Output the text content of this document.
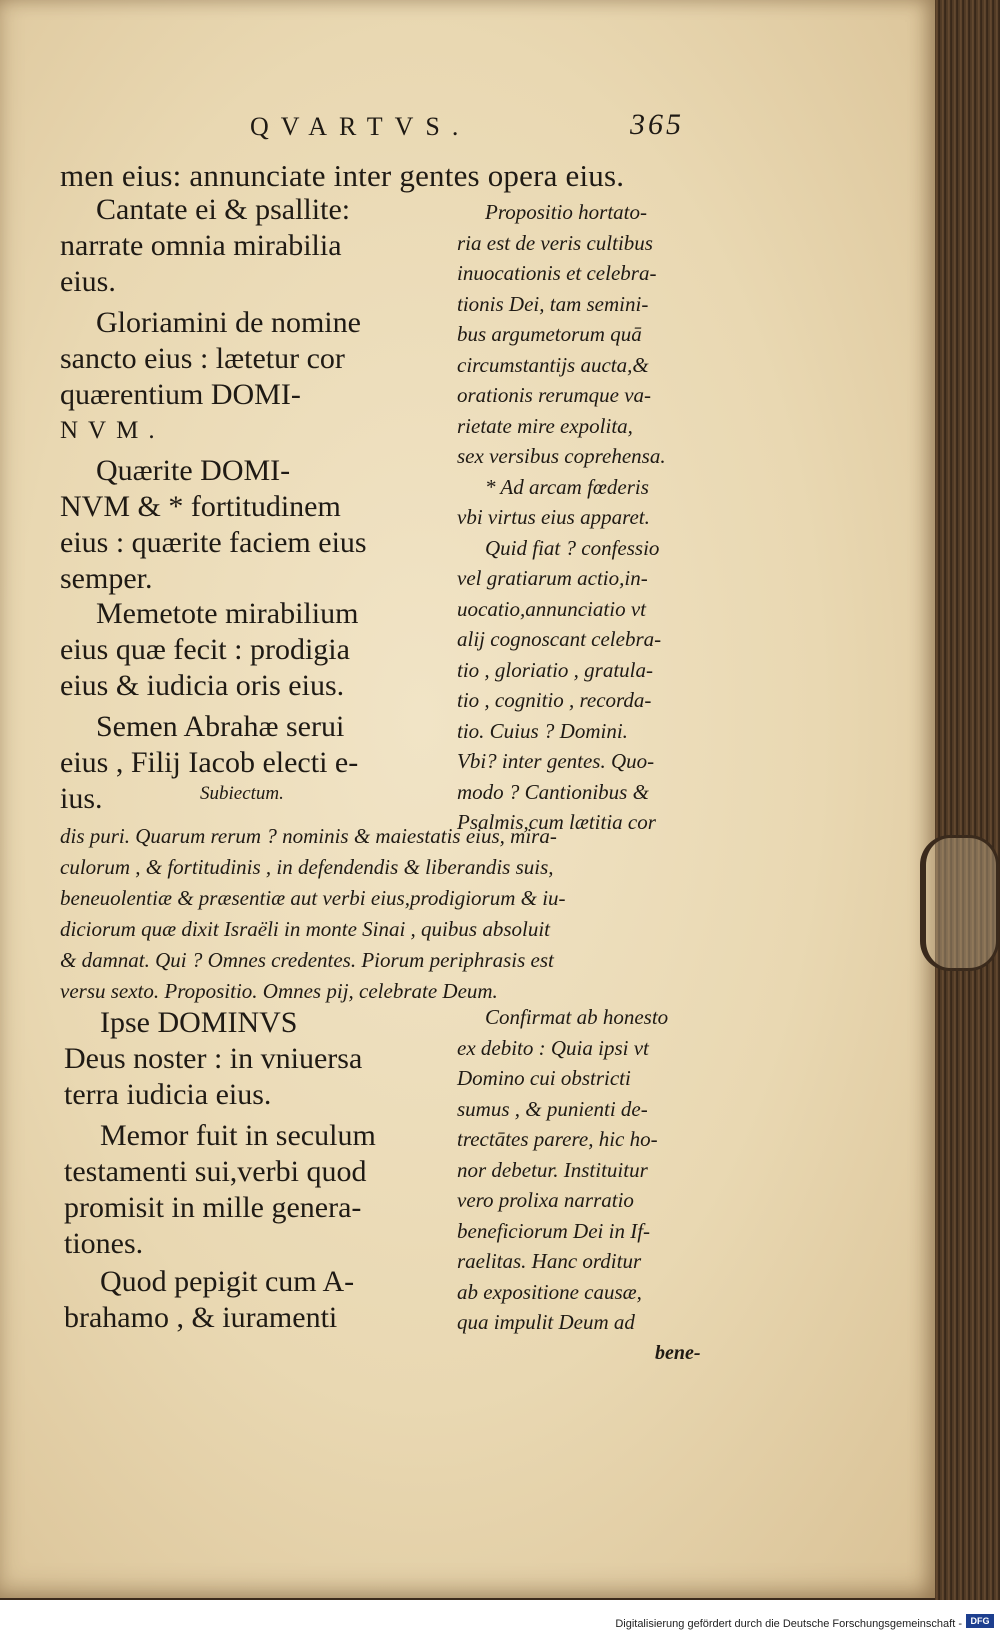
QVARTVS.	365
men eius: annunciate inter gentes opera eius.
Cantate ei & psallite:
narrate omnia mirabilia
eius.
Gloriamini de nomine
sancto eius : lætetur cor
quærentium DOMI-
NVM.
Quærite DOMI-
NVM & * fortitudinem
eius : quærite faciem eius
semper.
Memetote mirabilium
eius quæ fecit : prodigia
eius & iudicia oris eius.
Semen Abrahæ serui
eius , Filij Iacob electi e-
ius.	Subiectum.
Propositio hortato-
ria est de veris cultibus
inuocationis et celebra-
tionis Dei, tam semini-
bus argumetorum quā
circumstantijs aucta,&
orationis rerumque va-
rietate mire expolita,
sex versibus coprehensa.
* Ad arcam fœderis
vbi virtus eius apparet.
Quid fiat ? confessio
vel gratiarum actio,in-
uocatio,annunciatio vt
alij cognoscant celebra-
tio , gloriatio , gratula-
tio , cognitio , recorda-
tio. Cuius ? Domini.
Vbi? inter gentes. Quo-
modo ? Cantionibus &
Psalmis,cum lætitia cor
dis puri. Quarum rerum ? nominis & maiestatis eius, mira-
culorum , & fortitudinis , in defendendis & liberandis suis,
beneuolentiæ & præsentiæ aut verbi eius,prodigiorum & iu-
diciorum quæ dixit Israëli in monte Sinai , quibus absoluit
& damnat. Qui ? Omnes credentes. Piorum periphrasis est
versu sexto. Propositio. Omnes pij, celebrate Deum.
Ipse DOMINVS
Deus noster : in vniuersa
terra iudicia eius.
Memor fuit in seculum
testamenti sui,verbi quod
promisit in mille genera-
tiones.
Quod pepigit cum A-
brahamo , & iuramenti
Confirmat ab honesto
ex debito : Quia ipsi vt
Domino cui obstricti
sumus , & punienti de-
trectātes parere, hic ho-
nor debetur. Instituitur
vero prolixa narratio
beneficiorum Dei in If-
raelitas. Hanc orditur
ab expositione causæ,
qua impulit Deum ad
bene-
Digitalisierung gefördert durch die Deutsche Forschungsgemeinschaft - DFG
